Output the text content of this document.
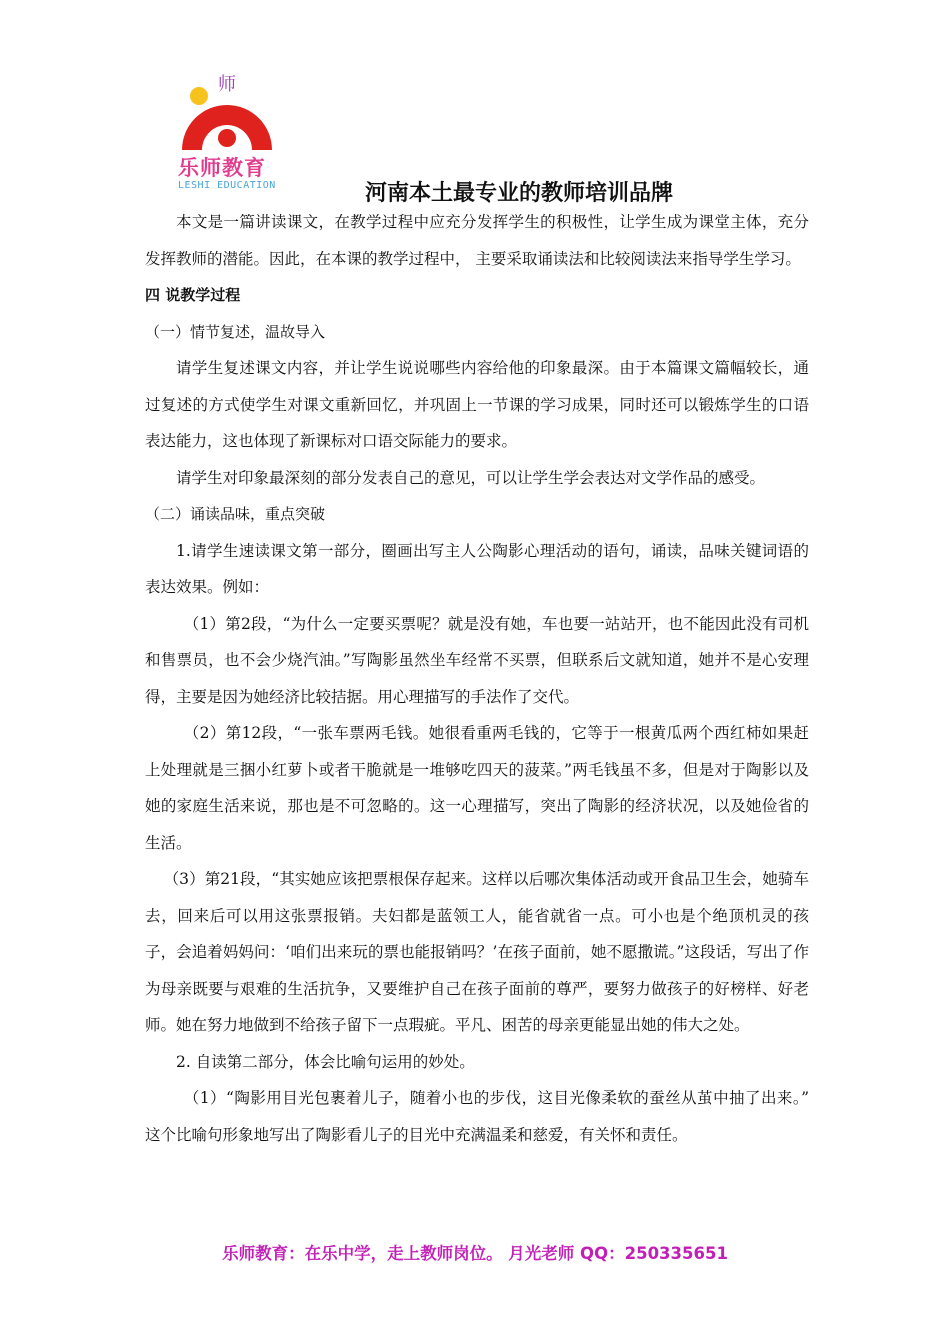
师
乐师教育
LESHI EDUCATION	河南本土最专业的教师培训品牌

本文是一篇讲读课文，在教学过程中应充分发挥学生的积极性，让学生成为课堂主体，充分发挥教师的潜能。因此，在本课的教学过程中， 主要采取诵读法和比较阅读法来指导学生学习。

四 说教学过程

（一）情节复述，温故导入

请学生复述课文内容，并让学生说说哪些内容给他的印象最深。由于本篇课文篇幅较长，通过复述的方式使学生对课文重新回忆，并巩固上一节课的学习成果，同时还可以锻炼学生的口语表达能力，这也体现了新课标对口语交际能力的要求。

请学生对印象最深刻的部分发表自己的意见，可以让学生学会表达对文学作品的感受。

（二）诵读品味，重点突破

1.请学生速读课文第一部分，圈画出写主人公陶影心理活动的语句，诵读，品味关键词语的表达效果。例如：

（1）第2段，“为什么一定要买票呢？就是没有她，车也要一站站开，也不能因此没有司机和售票员，也不会少烧汽油。”写陶影虽然坐车经常不买票，但联系后文就知道，她并不是心安理得，主要是因为她经济比较拮据。用心理描写的手法作了交代。

（2）第12段，“一张车票两毛钱。她很看重两毛钱的，它等于一根黄瓜两个西红柿如果赶上处理就是三捆小红萝卜或者干脆就是一堆够吃四天的菠菜。”两毛钱虽不多，但是对于陶影以及她的家庭生活来说，那也是不可忽略的。这一心理描写，突出了陶影的经济状况，以及她俭省的生活。

（3）第21段，“其实她应该把票根保存起来。这样以后哪次集体活动或开食品卫生会，她骑车去，回来后可以用这张票报销。夫妇都是蓝领工人，能省就省一点。可小也是个绝顶机灵的孩子，会追着妈妈问：‘咱们出来玩的票也能报销吗？’在孩子面前，她不愿撒谎。”这段话，写出了作为母亲既要与艰难的生活抗争，又要维护自己在孩子面前的尊严，要努力做孩子的好榜样、好老师。她在努力地做到不给孩子留下一点瑕疵。平凡、困苦的母亲更能显出她的伟大之处。

2. 自读第二部分，体会比喻句运用的妙处。

（1）“陶影用目光包裹着儿子，随着小也的步伐，这目光像柔软的蚕丝从茧中抽了出来。” 这个比喻句形象地写出了陶影看儿子的目光中充满温柔和慈爱，有关怀和责任。

乐师教育：在乐中学，走上教师岗位。 月光老师 QQ：250335651
